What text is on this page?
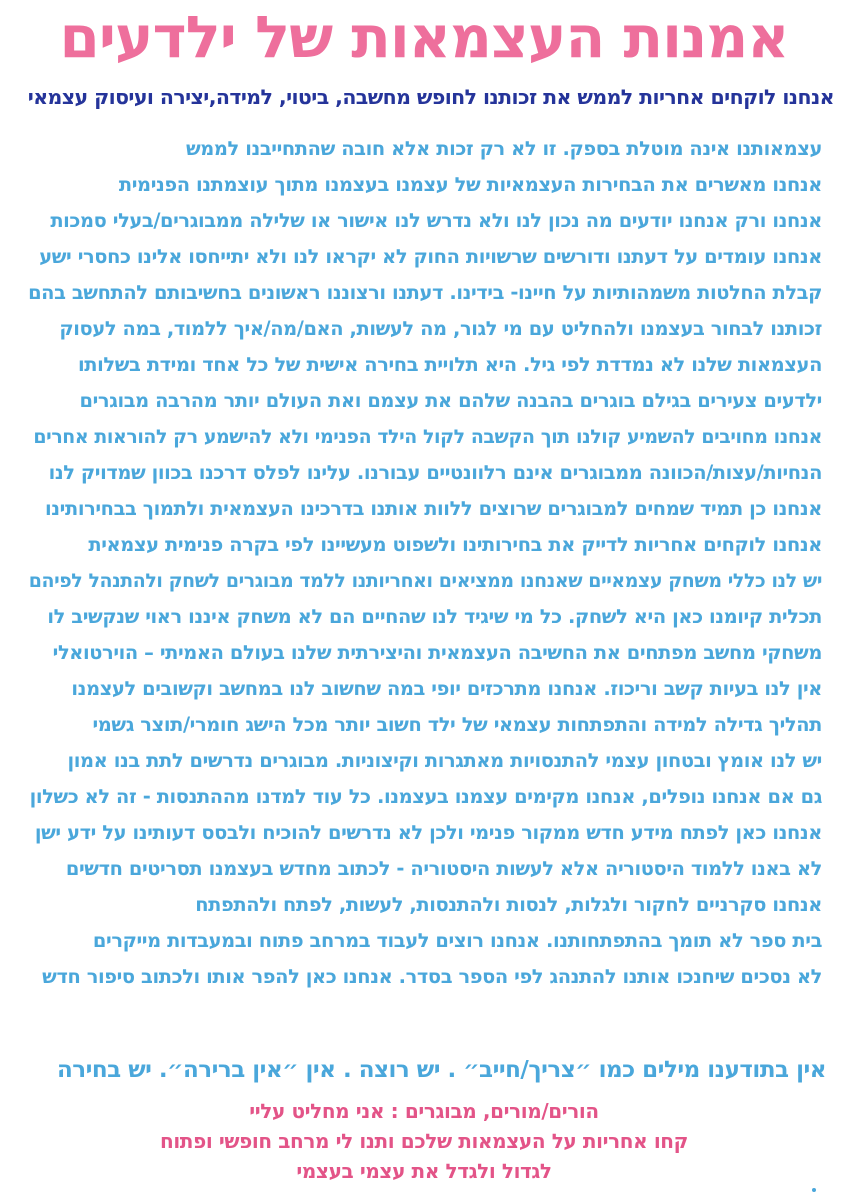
אמנות העצמאות של ילדעים
אנחנו לוקחים אחריות לממש את זכותנו לחופש מחשבה, ביטוי, למידה,יצירה ועיסוק עצמאי
עצמאותנו אינה מוטלת בספק. זו לא רק זכות אלא חובה שהתחייבנו לממש
אנחנו מאשרים את הבחירות העצמאיות של עצמנו בעצמנו מתוך עוצמתנו הפנימית
אנחנו ורק אנחנו יודעים מה נכון לנו ולא נדרש לנו אישור או שלילה ממבוגרים/בעלי סמכות
אנחנו עומדים על דעתנו ודורשים שרשויות החוק לא יקראו לנו ולא יתייחסו אלינו כחסרי ישע
קבלת החלטות משמהותיות על חיינו- בידינו. דעתנו ורצוננו ראשונים בחשיבותם להתחשב בהם
זכותנו לבחור בעצמנו ולהחליט עם מי לגור, מה לעשות, האם/מה/איך ללמוד, במה לעסוק
העצמאות שלנו לא נמדדת לפי גיל. היא תלויית בחירה אישית של כל אחד ומידת בשלותו
ילדעים צעירים בגילם בוגרים בהבנה שלהם את עצמם ואת העולם יותר מהרבה מבוגרים
אנחנו מחויבים להשמיע קולנו תוך הקשבה לקול הילד הפנימי ולא להישמע רק להוראות אחרים
הנחיות/עצות/הכוונה ממבוגרים אינם רלוונטיים עבורנו. עלינו לפלס דרכנו בכוון שמדויק לנו
אנחנו כן תמיד שמחים למבוגרים שרוצים ללוות אותנו בדרכינו העצמאית ולתמוך בבחירותינו
אנחנו לוקחים אחריות לדייק את בחירותינו ולשפוט מעשיינו לפי בקרה פנימית עצמאית
יש לנו כללי משחק עצמאיים שאנחנו ממציאים ואחריותנו ללמד מבוגרים לשחק ולהתנהל לפיהם
תכלית קיומנו כאן היא לשחק. כל מי שיגיד לנו שהחיים הם לא משחק איננו ראוי שנקשיב לו
משחקי מחשב מפתחים את החשיבה העצמאית והיצירתית שלנו בעולם האמיתי – הוירטואלי
אין לנו בעיות קשב וריכוז. אנחנו מתרכזים יופי במה שחשוב לנו במחשב וקשובים לעצמנו
תהליך גדילה למידה והתפתחות עצמאי של ילד חשוב יותר מכל הישג חומרי/תוצר גשמי
יש לנו אומץ ובטחון עצמי להתנסויות מאתגרות וקיצוניות. מבוגרים נדרשים לתת בנו אמון
גם אם אנחנו נופלים, אנחנו מקימים עצמנו בעצמנו. כל עוד למדנו מההתנסות - זה לא כשלון
אנחנו כאן לפתח מידע חדש ממקור פנימי ולכן לא נדרשים להוכיח ולבסס דעותינו על ידע ישן
לא באנו ללמוד היסטוריה אלא לעשות היסטוריה - לכתוב מחדש בעצמנו תסריטים חדשים
אנחנו סקרניים לחקור ולגלות, לנסות ולהתנסות, לעשות, לפתח ולהתפתח
בית ספר לא תומך בהתפתחותנו. אנחנו רוצים לעבוד במרחב פתוח ובמעבדות מייקרים
לא נסכים שיחנכו אותנו להתנהג לפי הספר בסדר. אנחנו כאן להפר אותו ולכתוב סיפור חדש
אין בתודענו מילים כמו ״צריך/חייב״ . יש רוצה . אין ״אין ברירה״. יש בחירה
הורים/מורים, מבוגרים : אני מחליט עליי
קחו אחריות על העצמאות שלכם ותנו לי מרחב חופשי ופתוח
לגדול ולגדל את עצמי בעצמי
